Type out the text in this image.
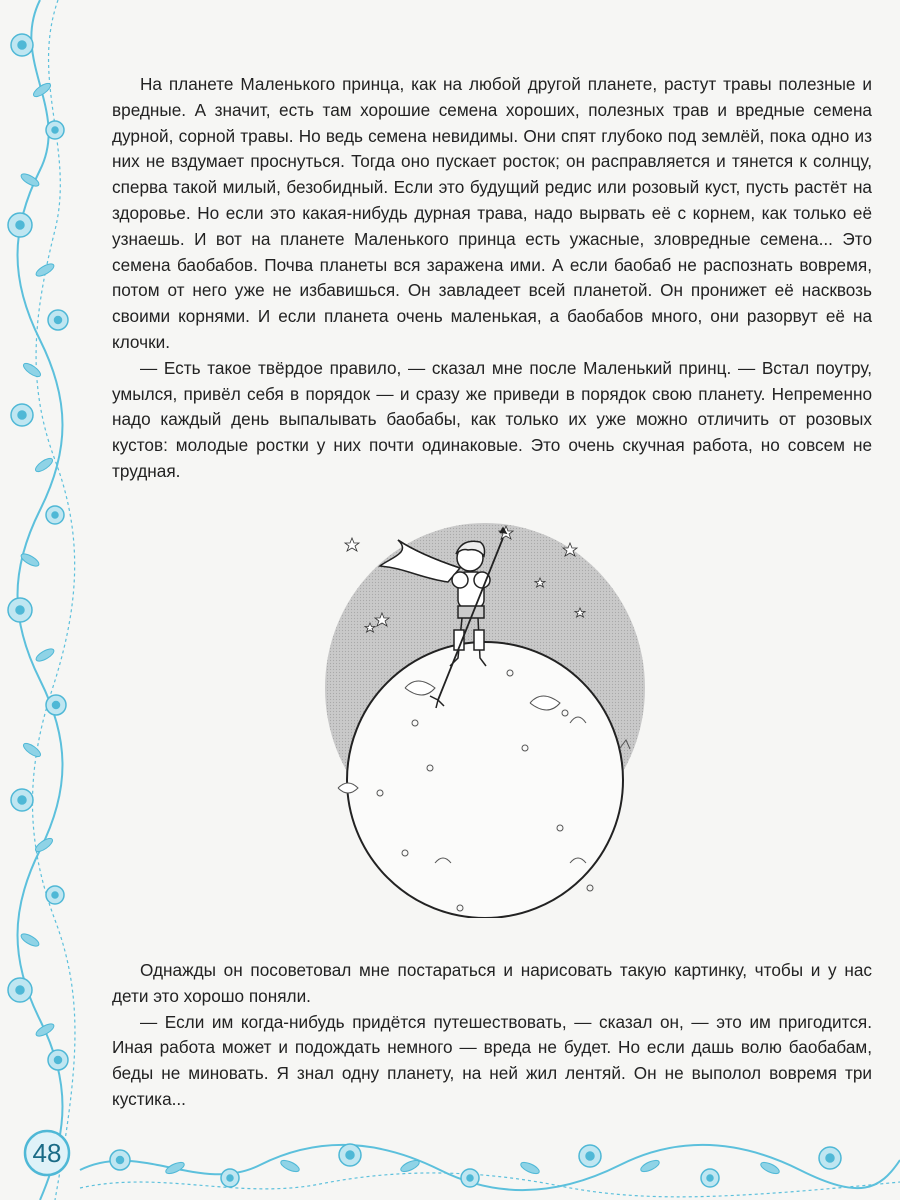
На планете Маленького принца, как на любой другой планете, растут травы полезные и вредные. А значит, есть там хорошие семена хороших, полезных трав и вредные семена дурной, сорной травы. Но ведь семена невидимы. Они спят глубоко под землёй, пока одно из них не вздумает проснуться. Тогда оно пускает росток; он расправляется и тянется к солнцу, сперва такой милый, безобидный. Если это будущий редис или розовый куст, пусть растёт на здоровье. Но если это какая-нибудь дурная трава, надо вырвать её с корнем, как только её узнаешь. И вот на планете Маленького принца есть ужасные, зловредные семена... Это семена баобабов. Почва планеты вся заражена ими. А если баобаб не распознать вовремя, потом от него уже не избавишься. Он завладеет всей планетой. Он пронижет её насквозь своими корнями. И если планета очень маленькая, а баобабов много, они разорвут её на клочки.

— Есть такое твёрдое правило, — сказал мне после Маленький принц. — Встал поутру, умылся, привёл себя в порядок — и сразу же приведи в порядок свою планету. Непременно надо каждый день выпалывать баобабы, как только их уже можно отличить от розовых кустов: молодые ростки у них почти одинаковые. Это очень скучная работа, но совсем не трудная.

Однажды он посоветовал мне постараться и нарисовать такую картинку, чтобы и у нас дети это хорошо поняли.

— Если им когда-нибудь придётся путешествовать, — сказал он, — это им пригодится. Иная работа может и подождать немного — вреда не будет. Но если дашь волю баобабам, беды не миновать. Я знал одну планету, на ней жил лентяй. Он не выполол вовремя три кустика...

48
